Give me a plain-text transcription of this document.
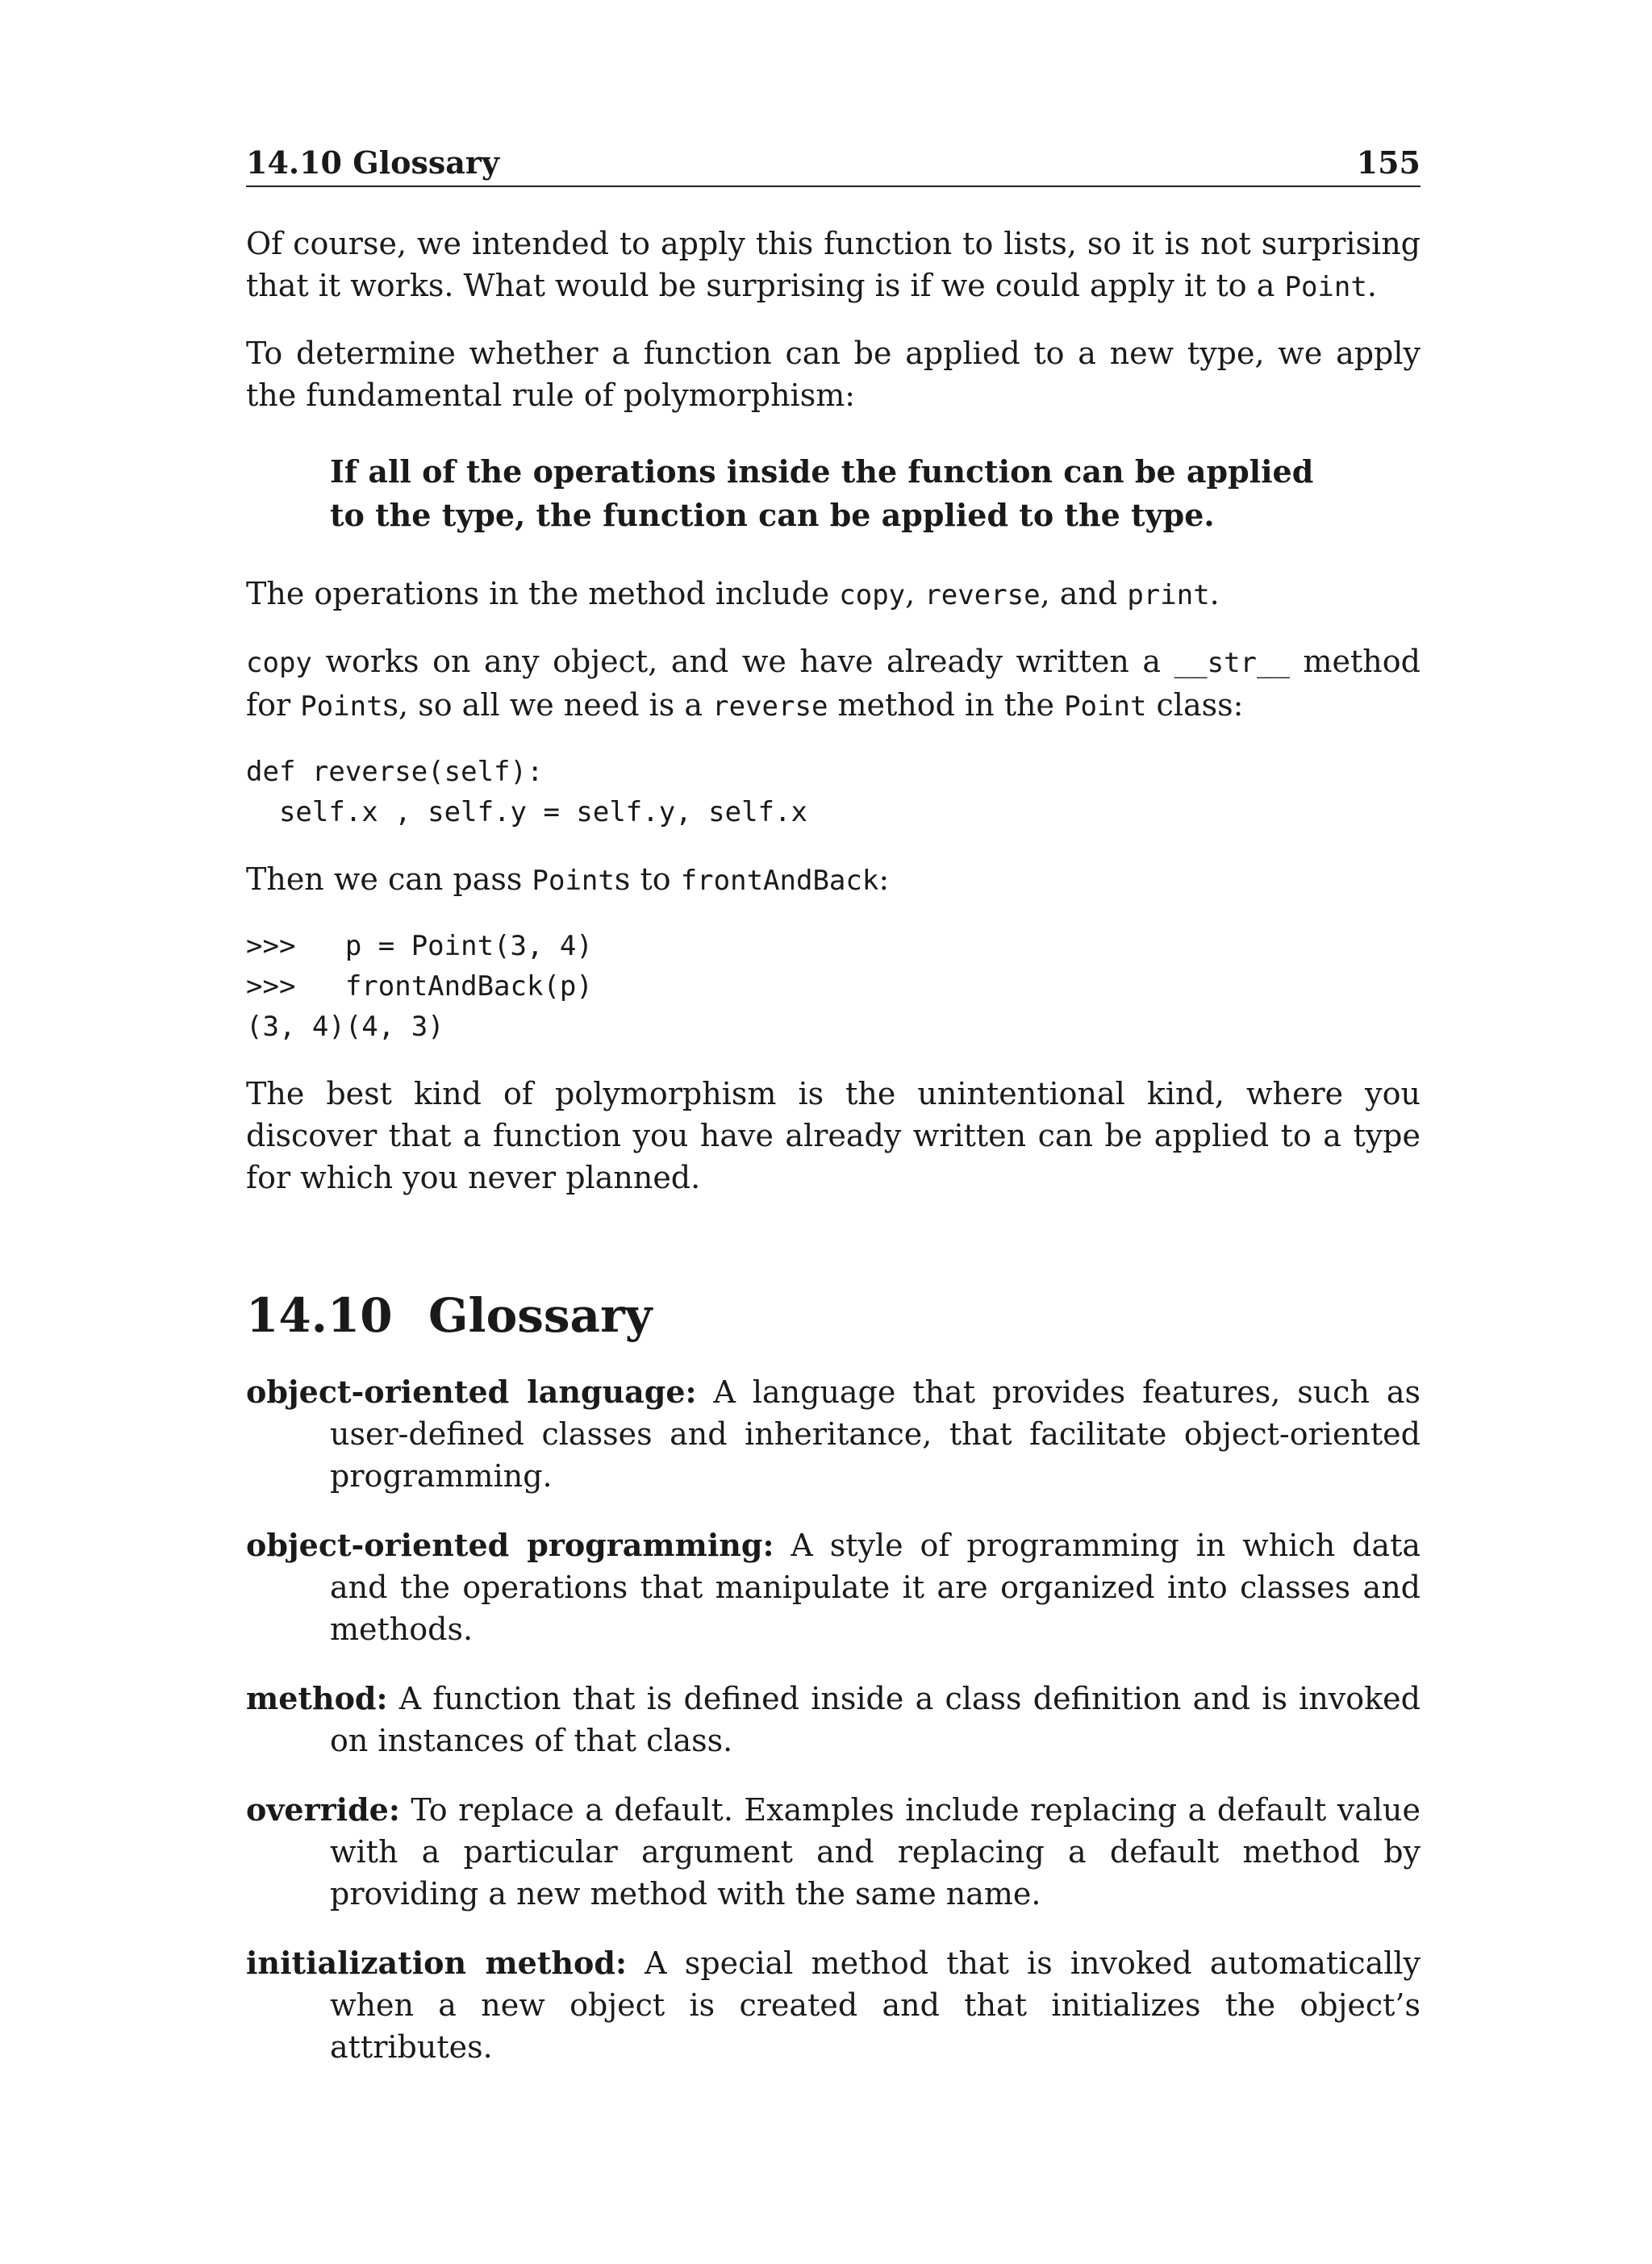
14.10 Glossary	155

Of course, we intended to apply this function to lists, so it is not surprising that it works. What would be surprising is if we could apply it to a Point.

To determine whether a function can be applied to a new type, we apply the fundamental rule of polymorphism:

If all of the operations inside the function can be applied
to the type, the function can be applied to the type.

The operations in the method include copy, reverse, and print.

copy works on any object, and we have already written a __str__ method for Points, so all we need is a reverse method in the Point class:

def reverse(self):
self.x , self.y = self.y, self.x

Then we can pass Points to frontAndBack:

>>>   p = Point(3, 4)
>>>   frontAndBack(p)
(3, 4)(4, 3)

The best kind of polymorphism is the unintentional kind, where you discover that a function you have already written can be applied to a type for which you never planned.

14.10 Glossary
object-oriented language: A language that provides features, such as user-defined classes and inheritance, that facilitate object-oriented programming.
object-oriented programming: A style of programming in which data and the operations that manipulate it are organized into classes and methods.
method: A function that is defined inside a class definition and is invoked on instances of that class.
override: To replace a default. Examples include replacing a default value with a particular argument and replacing a default method by providing a new method with the same name.
initialization method: A special method that is invoked automatically when a new object is created and that initializes the object’s attributes.
